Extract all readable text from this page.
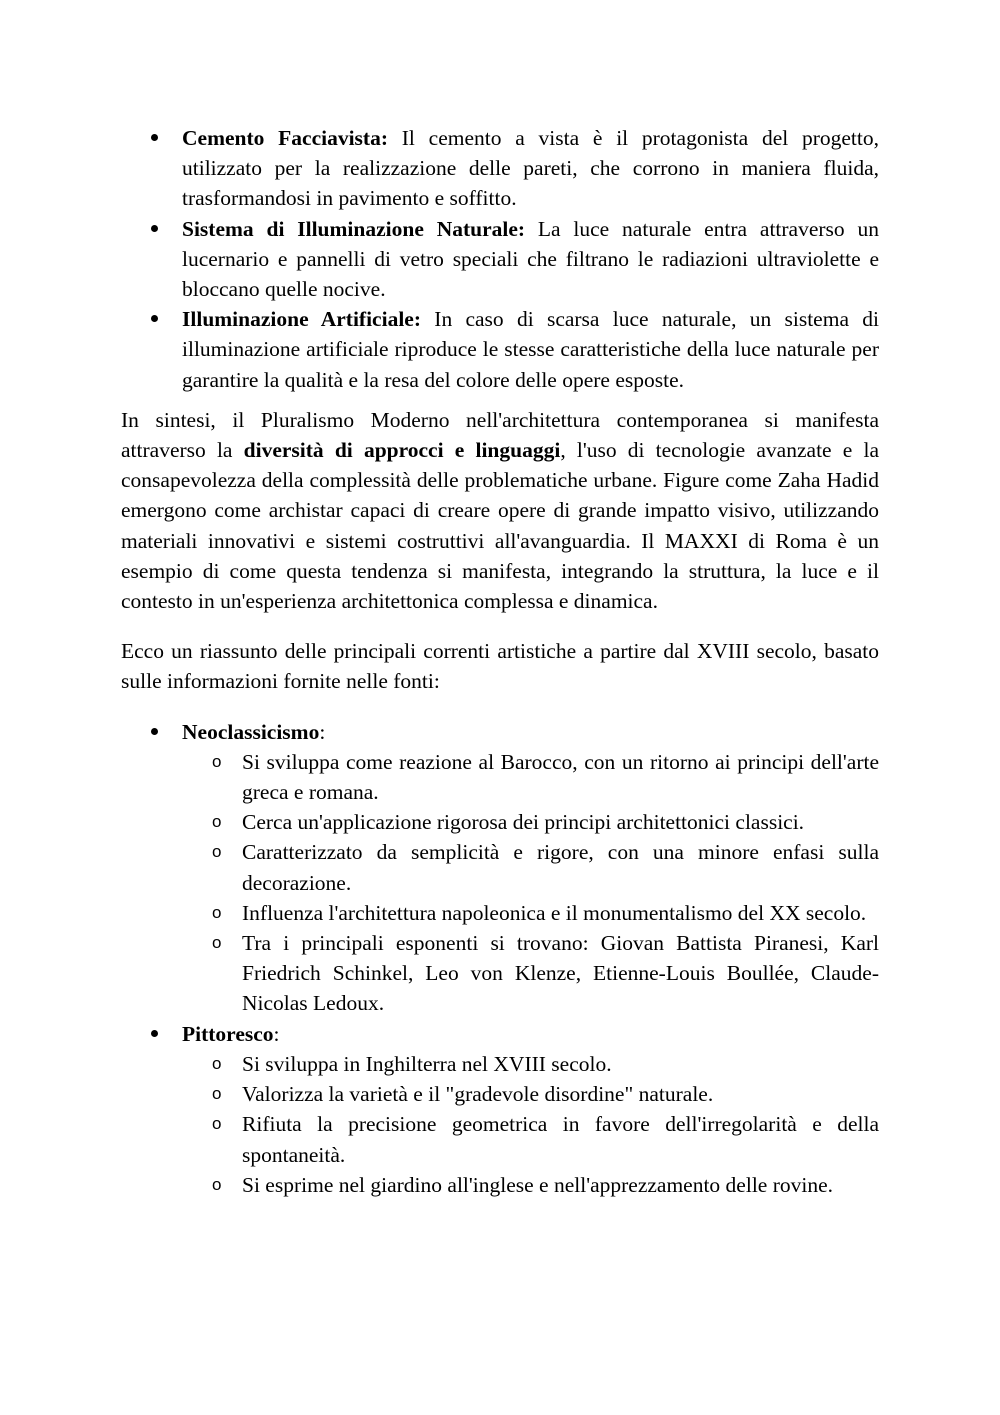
Cemento Facciavista: Il cemento a vista è il protagonista del progetto, utilizzato per la realizzazione delle pareti, che corrono in maniera fluida, trasformandosi in pavimento e soffitto.
Sistema di Illuminazione Naturale: La luce naturale entra attraverso un lucernario e pannelli di vetro speciali che filtrano le radiazioni ultraviolette e bloccano quelle nocive.
Illuminazione Artificiale: In caso di scarsa luce naturale, un sistema di illuminazione artificiale riproduce le stesse caratteristiche della luce naturale per garantire la qualità e la resa del colore delle opere esposte.

In sintesi, il Pluralismo Moderno nell'architettura contemporanea si manifesta attraverso la diversità di approcci e linguaggi, l'uso di tecnologie avanzate e la consapevolezza della complessità delle problematiche urbane. Figure come Zaha Hadid emergono come archistar capaci di creare opere di grande impatto visivo, utilizzando materiali innovativi e sistemi costruttivi all'avanguardia. Il MAXXI di Roma è un esempio di come questa tendenza si manifesta, integrando la struttura, la luce e il contesto in un'esperienza architettonica complessa e dinamica.

Ecco un riassunto delle principali correnti artistiche a partire dal XVIII secolo, basato sulle informazioni fornite nelle fonti:

Neoclassicismo:
o Si sviluppa come reazione al Barocco, con un ritorno ai principi dell'arte greca e romana.
o Cerca un'applicazione rigorosa dei principi architettonici classici.
o Caratterizzato da semplicità e rigore, con una minore enfasi sulla decorazione.
o Influenza l'architettura napoleonica e il monumentalismo del XX secolo.
o Tra i principali esponenti si trovano: Giovan Battista Piranesi, Karl Friedrich Schinkel, Leo von Klenze, Etienne-Louis Boullée, Claude-Nicolas Ledoux.
Pittoresco:
o Si sviluppa in Inghilterra nel XVIII secolo.
o Valorizza la varietà e il "gradevole disordine" naturale.
o Rifiuta la precisione geometrica in favore dell'irregolarità e della spontaneità.
o Si esprime nel giardino all'inglese e nell'apprezzamento delle rovine.
